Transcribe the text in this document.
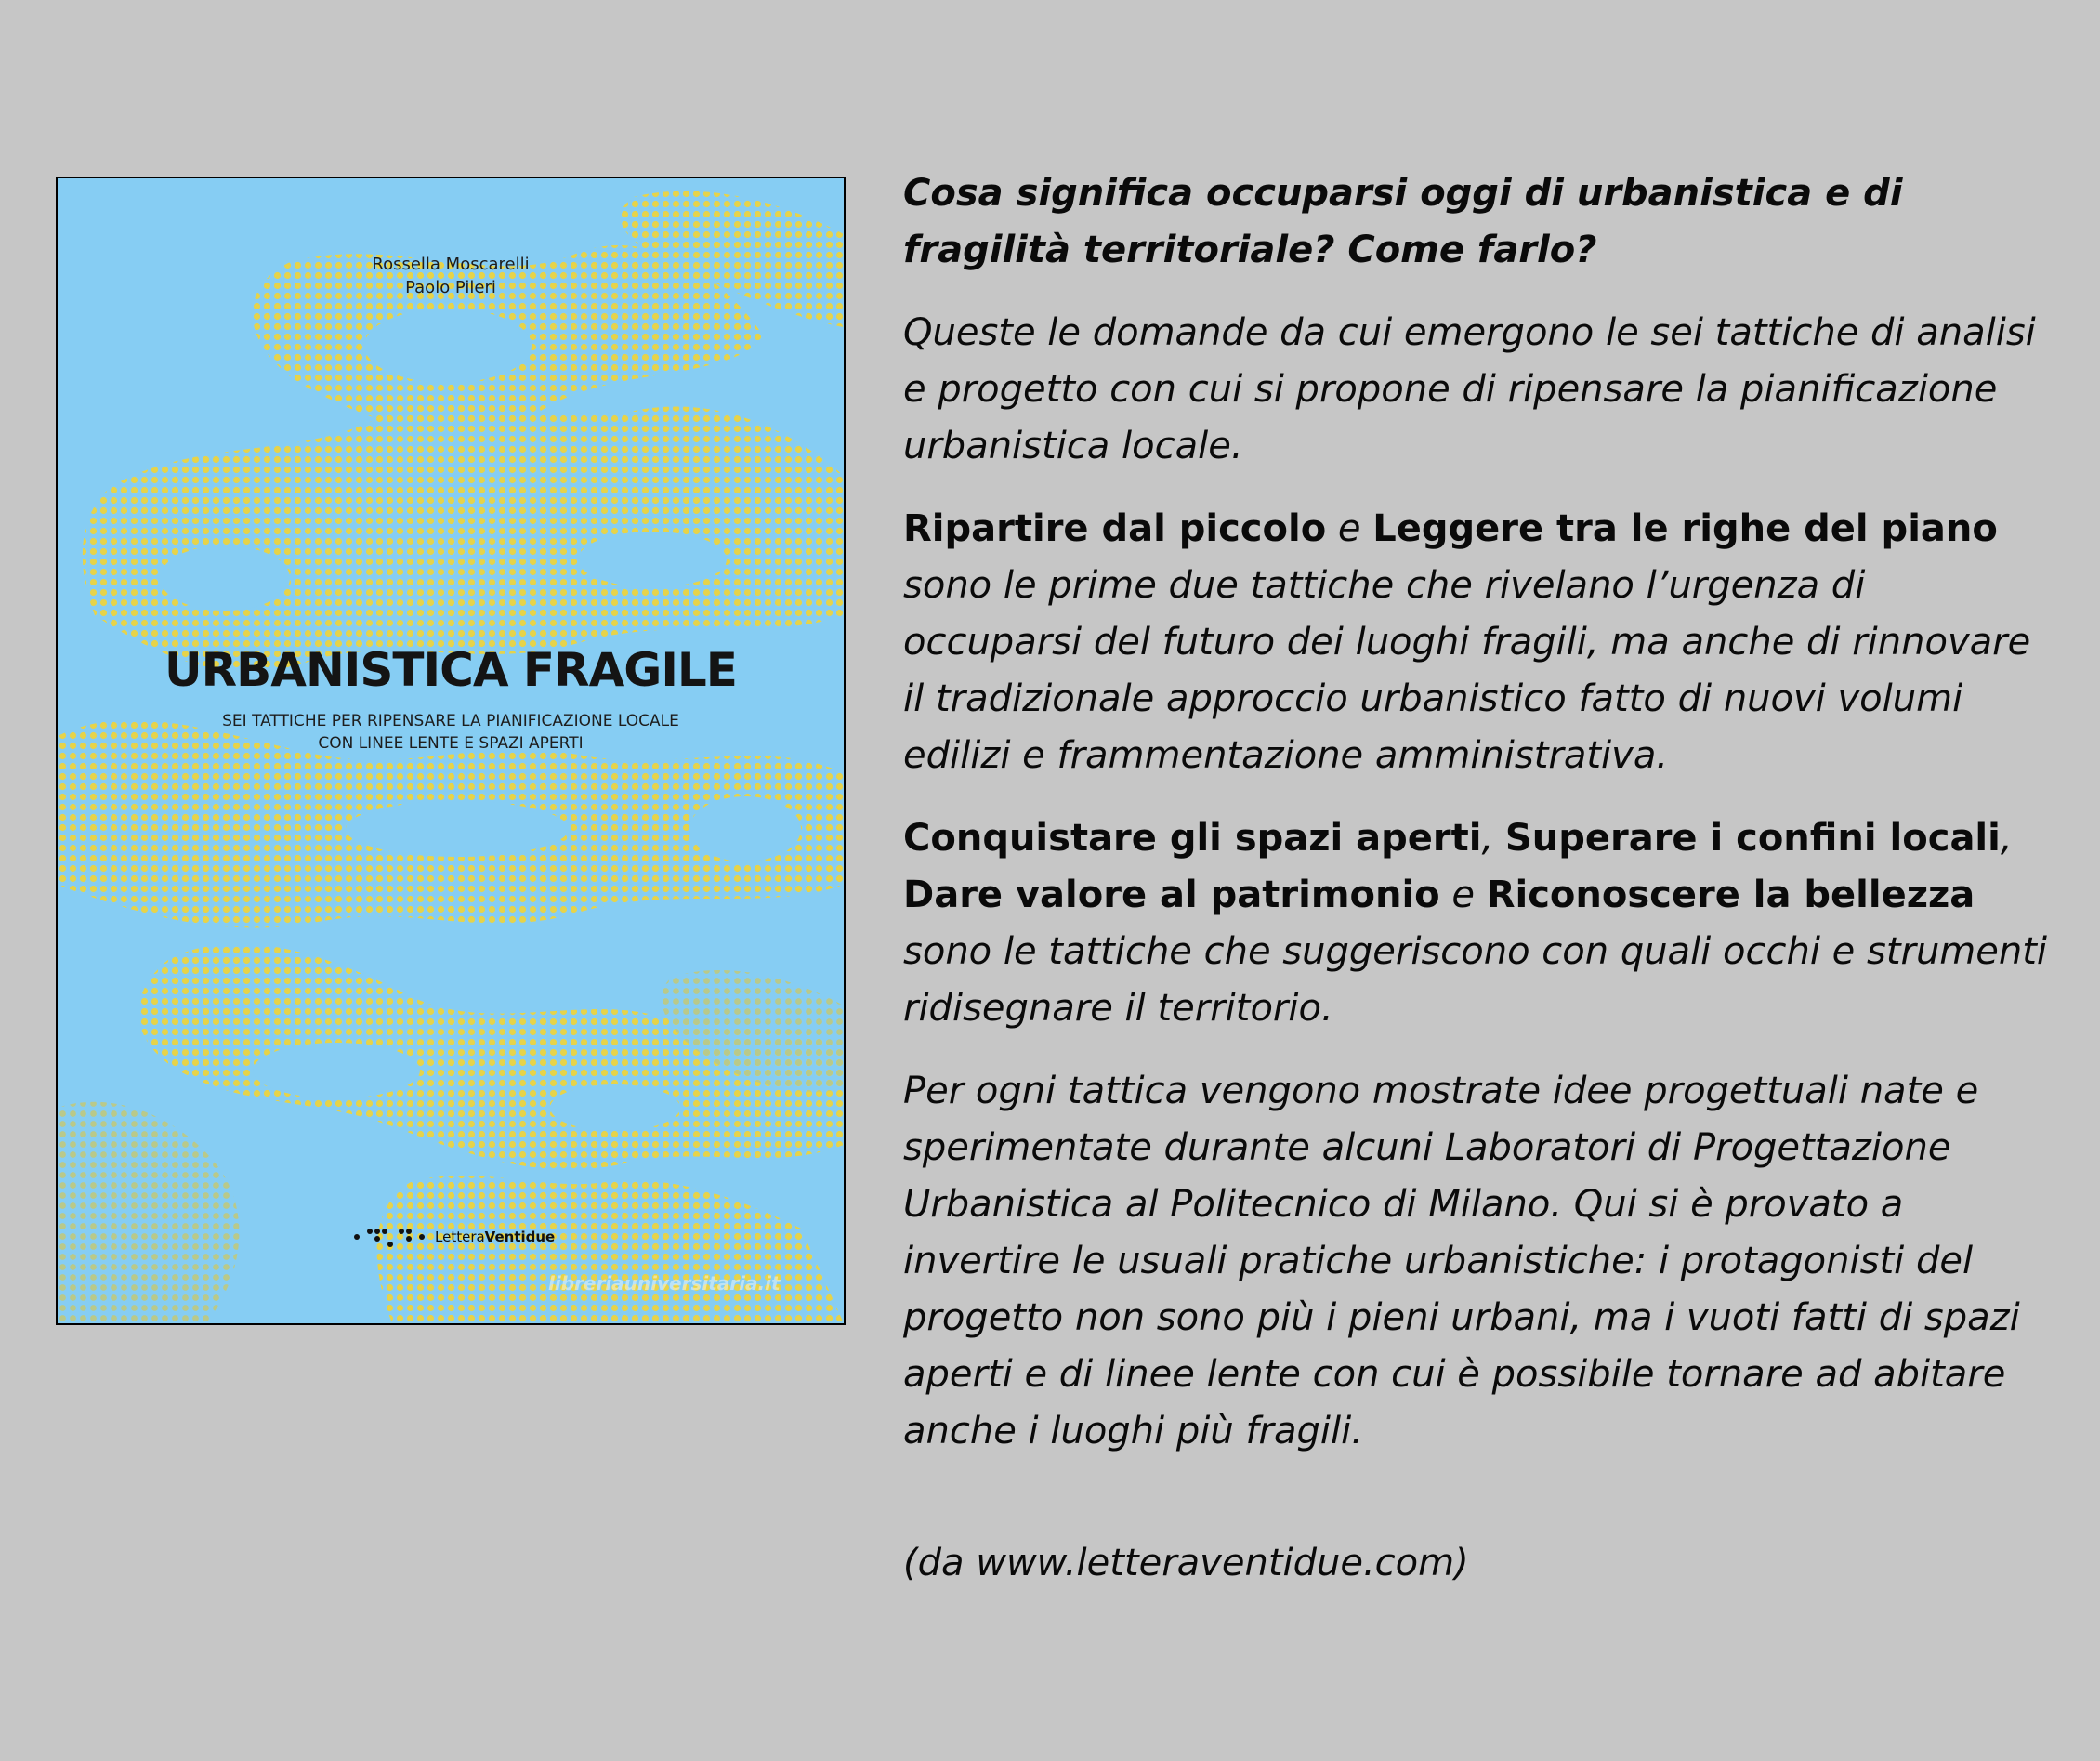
Rossella Moscarelli
Paolo Pileri
URBANISTICA FRAGILE
SEI TATTICHE PER RIPENSARE LA PIANIFICAZIONE LOCALE
CON LINEE LENTE E SPAZI APERTI
LetteraVentidue
libreriauniversitaria.it

Cosa significa occuparsi oggi di urbanistica e di fragilità territoriale? Come farlo?

Queste le domande da cui emergono le sei tattiche di analisi e progetto con cui si propone di ripensare la pianificazione urbanistica locale.

Ripartire dal piccolo e Leggere tra le righe del piano sono le prime due tattiche che rivelano l’urgenza di occuparsi del futuro dei luoghi fragili, ma anche di rinnovare il tradizionale approccio urbanistico fatto di nuovi volumi edilizi e frammentazione amministrativa.

Conquistare gli spazi aperti, Superare i confini locali, Dare valore al patrimonio e Riconoscere la bellezza sono le tattiche che suggeriscono con quali occhi e strumenti ridisegnare il territorio.

Per ogni tattica vengono mostrate idee progettuali nate e sperimentate durante alcuni Laboratori di Progettazione Urbanistica al Politecnico di Milano. Qui si è provato a invertire le usuali pratiche urbanistiche: i protagonisti del progetto non sono più i pieni urbani, ma i vuoti fatti di spazi aperti e di linee lente con cui è possibile tornare ad abitare anche i luoghi più fragili.

(da www.letteraventidue.com)
